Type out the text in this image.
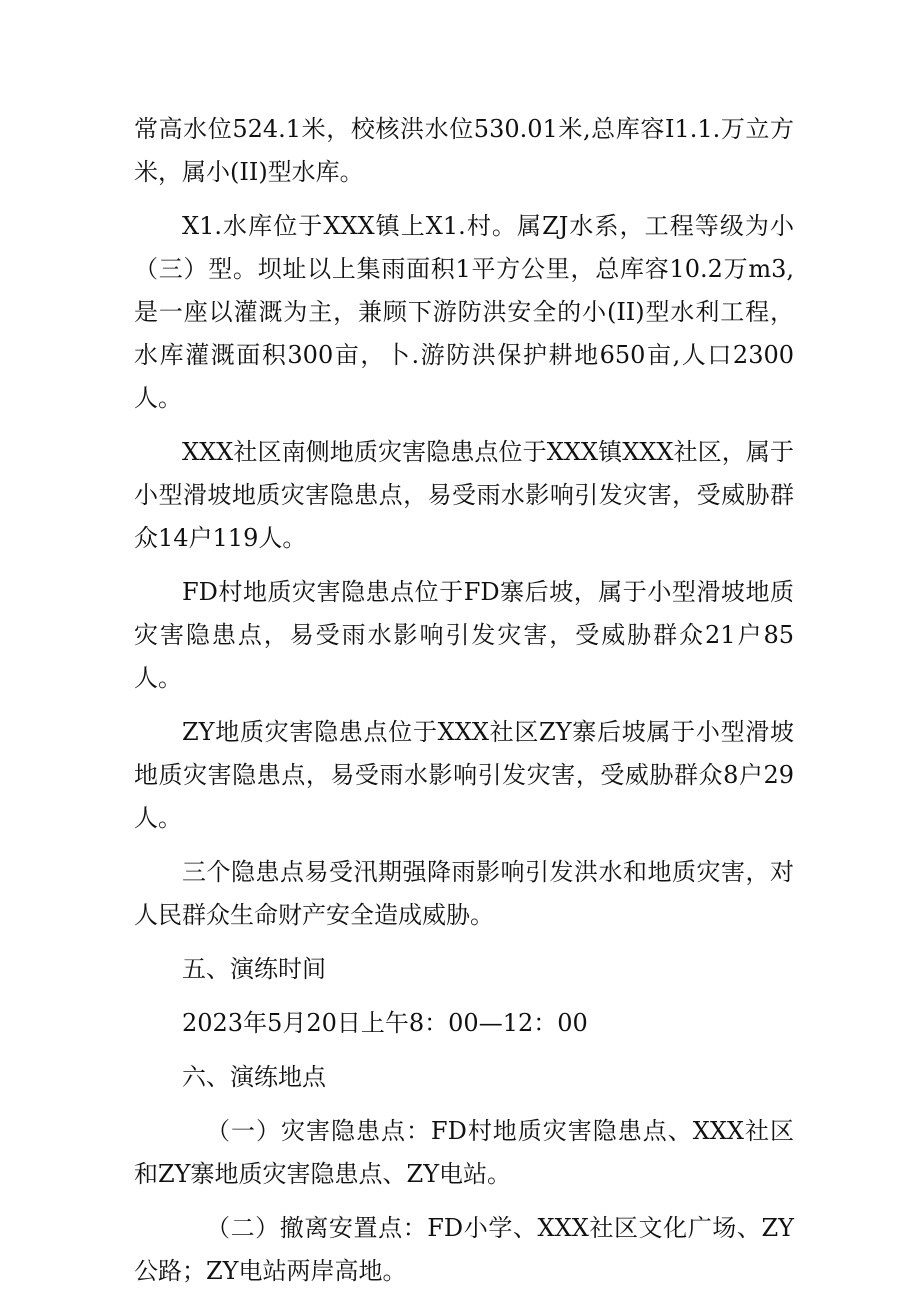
常高水位524.1米，校核洪水位530.01米,总库容I1.1.万立方米，属小(II)型水库。

X1.水库位于XXX镇上X1.村。属ZJ水系，工程等级为小（三）型。坝址以上集雨面积1平方公里，总库容10.2万m3,是一座以灌溉为主，兼顾下游防洪安全的小(II)型水利工程，水库灌溉面积300亩，卜.游防洪保护耕地650亩,人口2300人。

XXX社区南侧地质灾害隐患点位于XXX镇XXX社区，属于小型滑坡地质灾害隐患点，易受雨水影响引发灾害，受威胁群众14户119人。

FD村地质灾害隐患点位于FD寨后坡，属于小型滑坡地质灾害隐患点，易受雨水影响引发灾害，受威胁群众21户85人。

ZY地质灾害隐患点位于XXX社区ZY寨后坡属于小型滑坡地质灾害隐患点，易受雨水影响引发灾害，受威胁群众8户29人。

三个隐患点易受汛期强降雨影响引发洪水和地质灾害，对人民群众生命财产安全造成威胁。

五、演练时间

2023年5月20日上午8：00—12：00

六、演练地点

（一）灾害隐患点：FD村地质灾害隐患点、XXX社区和ZY寨地质灾害隐患点、ZY电站。

（二）撤离安置点：FD小学、XXX社区文化广场、ZY公路；ZY电站两岸高地。
